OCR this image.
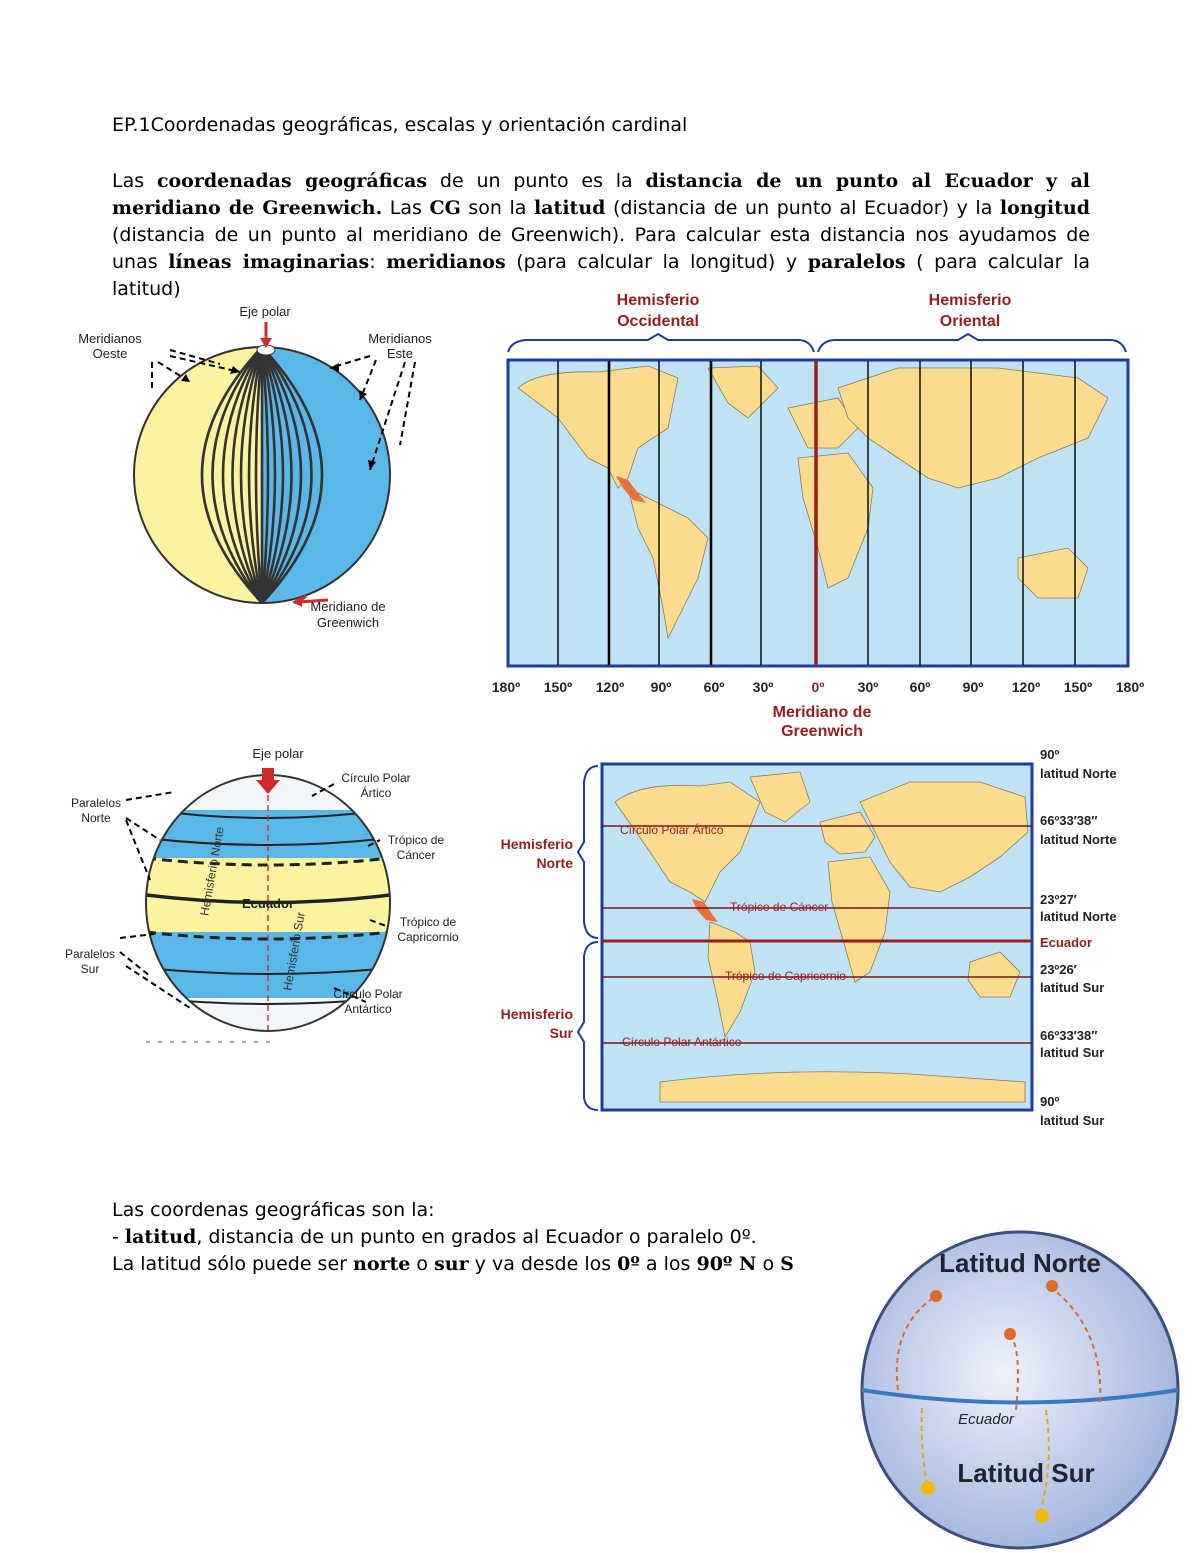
EP.1Coordenadas geográficas, escalas y orientación cardinal
Las coordenadas geográficas de un punto es la distancia de un punto al Ecuador y al meridiano de Greenwich. Las CG son la latitud (distancia de un punto al Ecuador) y la longitud (distancia de un punto al meridiano de Greenwich). Para calcular esta distancia nos ayudamos de unas líneas imaginarias: meridianos (para calcular la longitud) y paralelos ( para calcular la latitud)
Eje polar
Meridianos
Oeste
Meridianos
Este
Meridiano de
Greenwich
Hemisferio
Occidental
Hemisferio
Oriental
180º 150º 120º 90º 60º 30º	0º 30º 60º 90º 120º 150º 180º
Meridiano de
Greenwich
Ecuador
Hemisferio Norte
Hemisferio Sur
Eje polar
Paralelos
Norte
Paralelos
Sur
Círculo Polar
Ártico
Trópico de
Cáncer
Trópico de
Capricornio
Círculo Polar
Antártico
Hemisferio
Norte
Hemisferio
Sur
Círculo Polar Ártico
Trópico de Cáncer
Trópico de Capricornio
Círculo Polar Antártico
90º
latitud Norte
66º33′38″
latitud Norte
23º27′
latitud Norte
Ecuador
23º26′
latitud Sur
66º33′38″
latitud Sur
90º
latitud Sur
Las coordenas geográficas son la:
- latitud, distancia de un punto en grados al Ecuador o paralelo 0º.
La latitud sólo puede ser norte o sur y va desde los 0º a los 90º N o S	Latitud Norte
Ecuador
Latitud Sur
